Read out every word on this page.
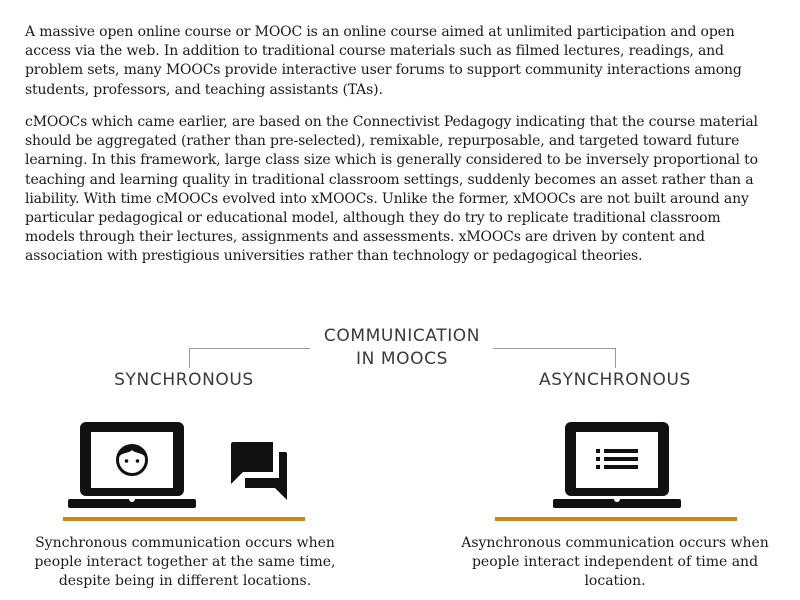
A massive open online course or MOOC is an online course aimed at unlimited participation and open access via the web. In addition to traditional course materials such as filmed lectures, readings, and problem sets, many MOOCs provide interactive user forums to support community interactions among students, professors, and teaching assistants (TAs).

cMOOCs which came earlier, are based on the Connectivist Pedagogy indicating that the course material should be aggregated (rather than pre-selected), remixable, repurposable, and targeted toward future learning. In this framework, large class size which is generally considered to be inversely proportional to teaching and learning quality in traditional classroom settings, suddenly becomes an asset rather than a liability. With time cMOOCs evolved into xMOOCs. Unlike the former, xMOOCs are not built around any particular pedagogical or educational model, although they do try to replicate traditional classroom models through their lectures, assignments and assessments. xMOOCs are driven by content and association with prestigious universities rather than technology or pedagogical theories.

COMMUNICATION
IN MOOCS
SYNCHRONOUS	ASYNCHRONOUS

Synchronous communication occurs when people interact together at the same time, despite being in different locations.

Asynchronous communication occurs when people interact independent of time and location.
